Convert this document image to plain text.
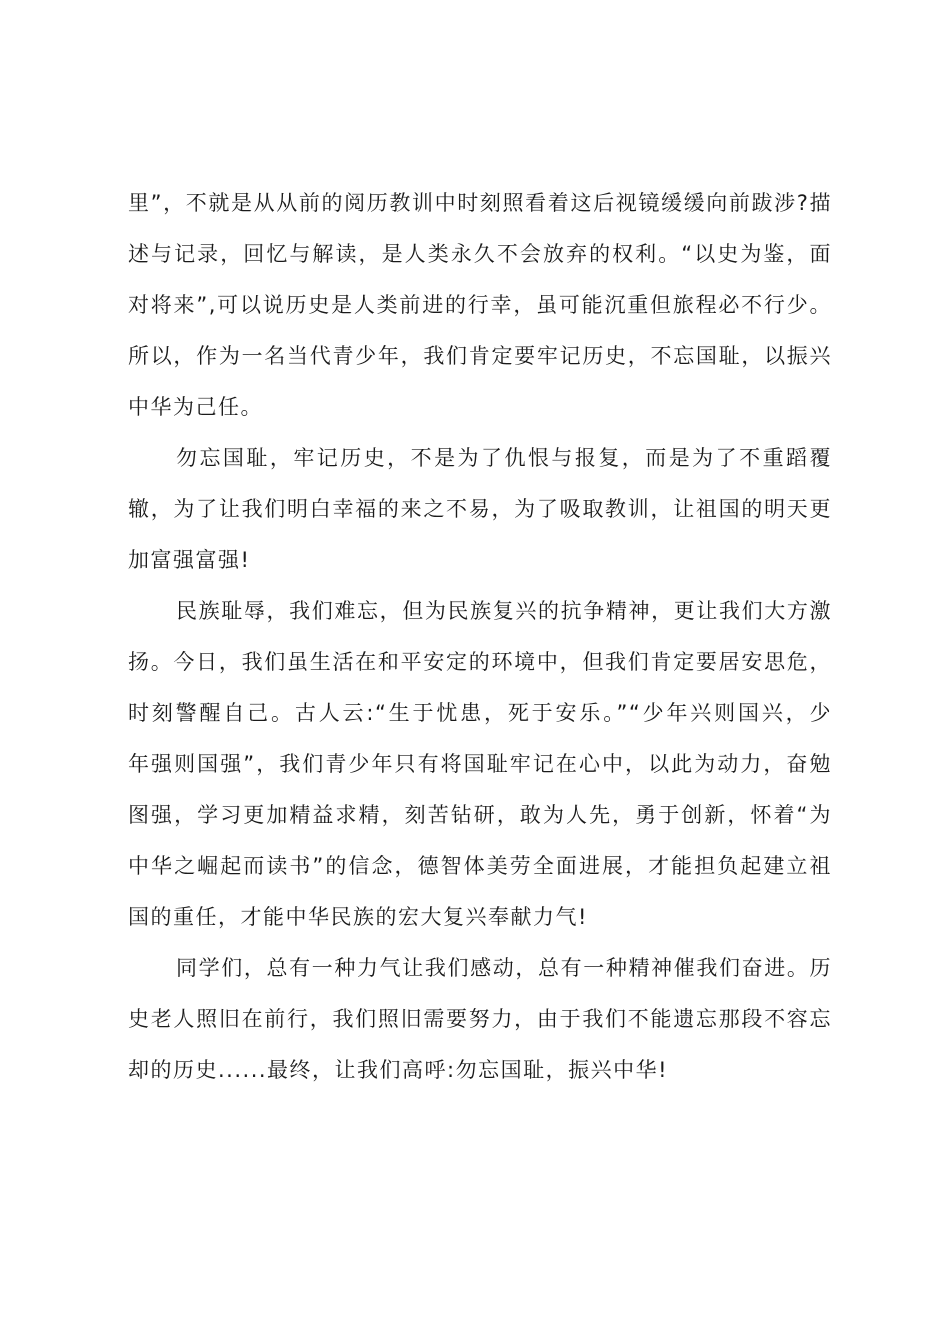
里”，不就是从从前的阅历教训中时刻照看着这后视镜缓缓向前跋涉?描
述与记录，回忆与解读，是人类永久不会放弃的权利。“以史为鉴，面
对将来”,可以说历史是人类前进的行幸，虽可能沉重但旅程必不行少。
所以，作为一名当代青少年，我们肯定要牢记历史，不忘国耻，以振兴
中华为己任。
勿忘国耻，牢记历史，不是为了仇恨与报复，而是为了不重蹈覆
辙，为了让我们明白幸福的来之不易，为了吸取教训，让祖国的明天更
加富强富强!
民族耻辱，我们难忘，但为民族复兴的抗争精神，更让我们大方激
扬。今日，我们虽生活在和平安定的环境中，但我们肯定要居安思危，
时刻警醒自己。古人云:“生于忧患，死于安乐。”“少年兴则国兴，少
年强则国强”，我们青少年只有将国耻牢记在心中，以此为动力，奋勉
图强，学习更加精益求精，刻苦钻研，敢为人先，勇于创新，怀着“为
中华之崛起而读书”的信念，德智体美劳全面进展，才能担负起建立祖
国的重任，才能中华民族的宏大复兴奉献力气!
同学们，总有一种力气让我们感动，总有一种精神催我们奋进。历
史老人照旧在前行，我们照旧需要努力，由于我们不能遗忘那段不容忘
却的历史......最终，让我们高呼:勿忘国耻，振兴中华!
